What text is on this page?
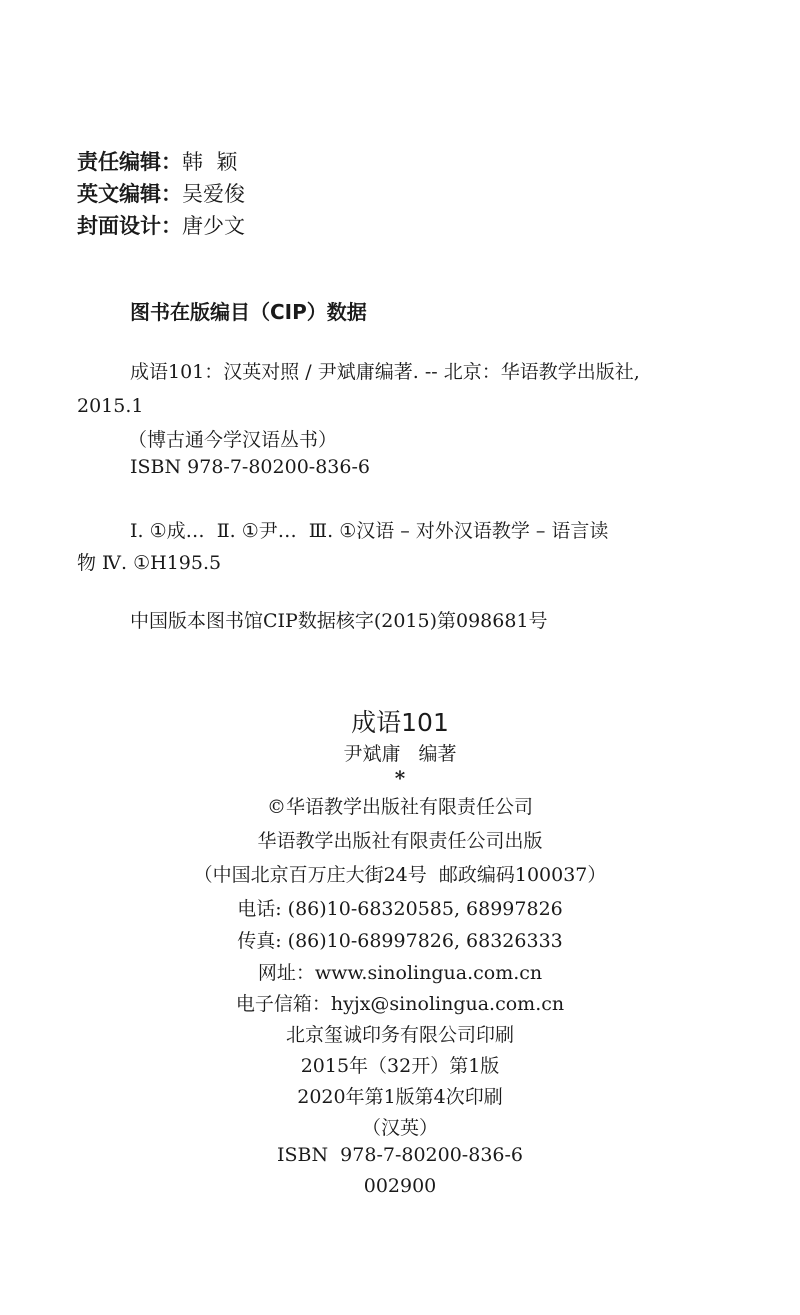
责任编辑：韩  颖
英文编辑：吴爱俊
封面设计：唐少文
图书在版编目（CIP）数据
成语101：汉英对照 / 尹斌庸编著. -- 北京：华语教学出版社,
2015.1
（博古通今学汉语丛书）
ISBN 978-7-80200-836-6
Ⅰ. ①成…  Ⅱ. ①尹…  Ⅲ. ①汉语 – 对外汉语教学 – 语言读
物 Ⅳ. ①H195.5
中国版本图书馆CIP数据核字(2015)第098681号
成语101
尹斌庸   编著
*
©华语教学出版社有限责任公司
华语教学出版社有限责任公司出版
（中国北京百万庄大街24号  邮政编码100037）
电话: (86)10-68320585, 68997826
传真: (86)10-68997826, 68326333
网址：www.sinolingua.com.cn
电子信箱：hyjx@sinolingua.com.cn
北京玺诚印务有限公司印刷
2015年（32开）第1版
2020年第1版第4次印刷
（汉英）
ISBN  978-7-80200-836-6
002900
